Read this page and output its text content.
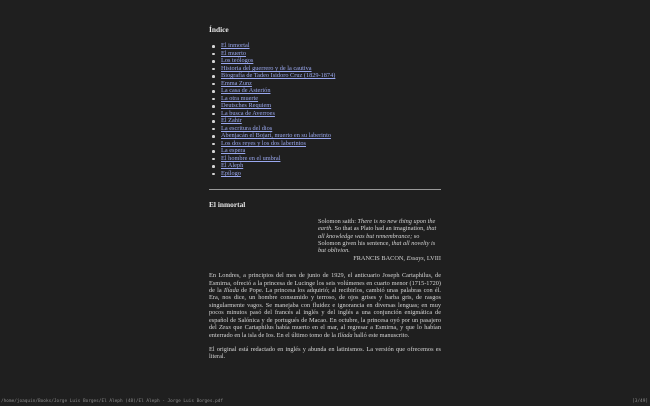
Índice
El inmortal
El muerto
Los teólogos
Historia del guerrero y de la cautiva
Biografía de Tadeo Isidoro Cruz (1829-1874)
Emma Zunz
La casa de Asterión
La otra muerte
Deutsches Requiem
La busca de Averroes
El Zahir
La escritura del dios
Abenjacán el Bojarí, muerto en su laberinto
Los dos reyes y los dos laberintos
La espera
El hombre en el umbral
El Aleph
Epílogo
El inmortal

Solomon saith: There is no new thing upon the earth. So that as Plato had an imagination, that all knowledge was but remembrance; so Solomon given his sentence, that all novelty is but oblivion.

FRANCIS BACON, Essays, LVIII

En Londres, a principios del mes de junio de 1929, el anticuario Joseph Cartaphilus, de Esmirna, ofreció a la princesa de Lucinge los seis volúmenes en cuarto menor (1715-1720) de la Ilíada de Pope. La princesa los adquirió; al recibirlos, cambió unas palabras con él. Era, nos dice, un hombre consumido y terroso, de ojos grises y barba gris, de rasgos singularmente vagos. Se manejaba con fluidez e ignorancia en diversas lenguas; en muy pocos minutos pasó del francés al inglés y del inglés a una conjunción enigmática de español de Salónica y de portugués de Macao. En octubre, la princesa oyó por un pasajero del Zeus que Cartaphilus había muerto en el mar, al regresar a Esmirna, y que lo habían enterrado en la isla de Ios. En el último tomo de la Ilíada halló este manuscrito.

El original está redactado en inglés y abunda en latinismos. La versión que ofrecemos es literal.

/home/joaquin/Books/Jorge Luis Borges/El Aleph (48)/El Aleph - Jorge Luis Borges.pdf	[3/49]
